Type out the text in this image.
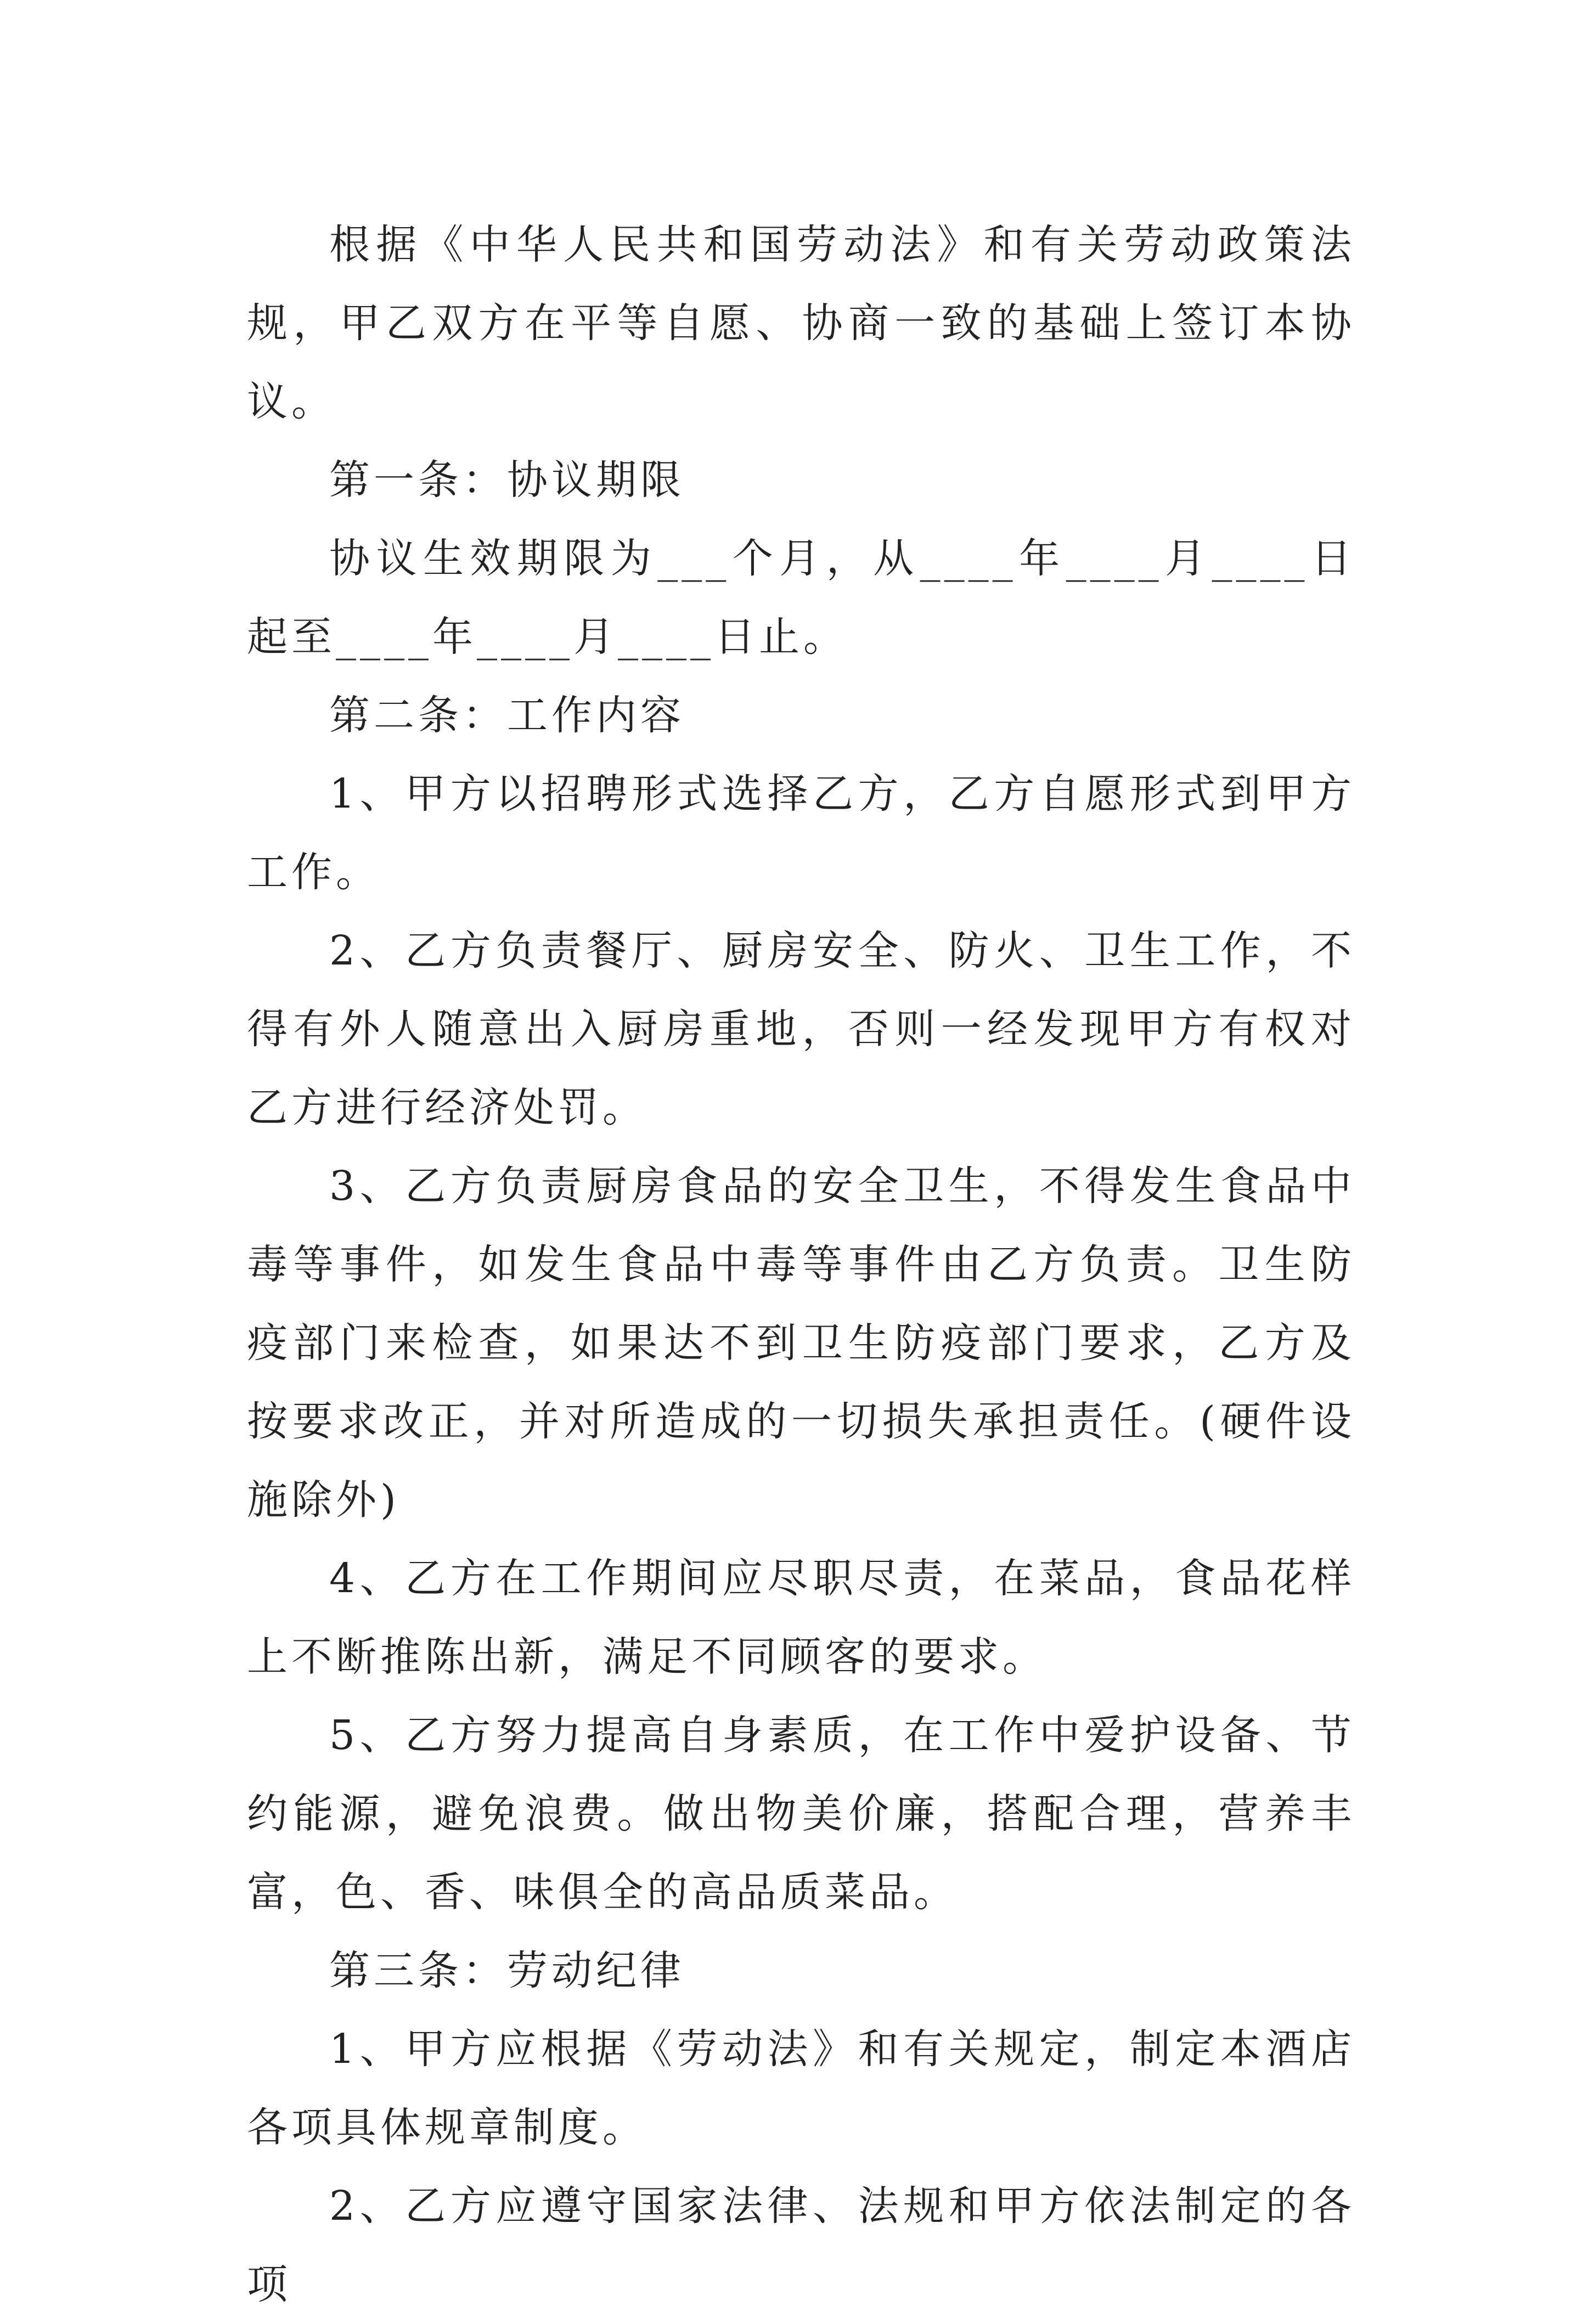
根据《中华人民共和国劳动法》和有关劳动政策法规，甲乙双方在平等自愿、协商一致的基础上签订本协议。

第一条：协议期限

协议生效期限为___个月，从____年____月____日起至____年____月____日止。

第二条：工作内容

1、甲方以招聘形式选择乙方，乙方自愿形式到甲方工作。

2、乙方负责餐厅、厨房安全、防火、卫生工作，不得有外人随意出入厨房重地，否则一经发现甲方有权对乙方进行经济处罚。

3、乙方负责厨房食品的安全卫生，不得发生食品中毒等事件，如发生食品中毒等事件由乙方负责。卫生防疫部门来检查，如果达不到卫生防疫部门要求，乙方及按要求改正，并对所造成的一切损失承担责任。(硬件设施除外)

4、乙方在工作期间应尽职尽责，在菜品，食品花样上不断推陈出新，满足不同顾客的要求。

5、乙方努力提高自身素质，在工作中爱护设备、节约能源，避免浪费。做出物美价廉，搭配合理，营养丰富，色、香、味俱全的高品质菜品。

第三条：劳动纪律

1、甲方应根据《劳动法》和有关规定，制定本酒店各项具体规章制度。

2、乙方应遵守国家法律、法规和甲方依法制定的各项
